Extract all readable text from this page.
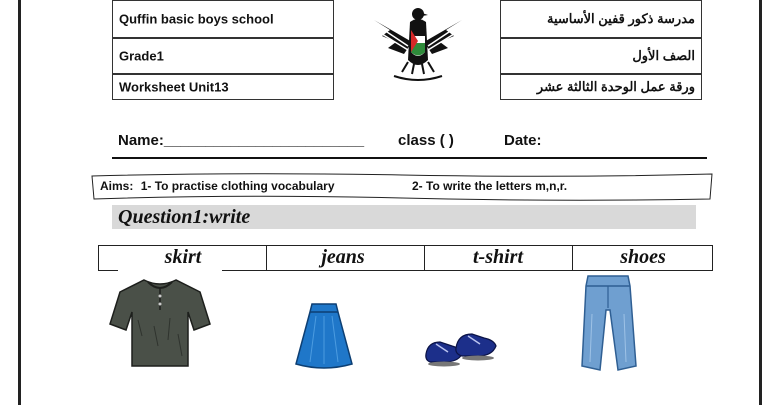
Quffin basic boys school
Grade1
Worksheet Unit13
مدرسة ذكور قفين الأساسية
الصف الأول
ورقة عمل الوحدة الثالثة عشر
Name:________________________ class ( )	Date:
Aims: 1- To practise clothing vocabulary	2- To write the letters m,n,r.
Question1:write
skirt	jeans	t-shirt	shoes
